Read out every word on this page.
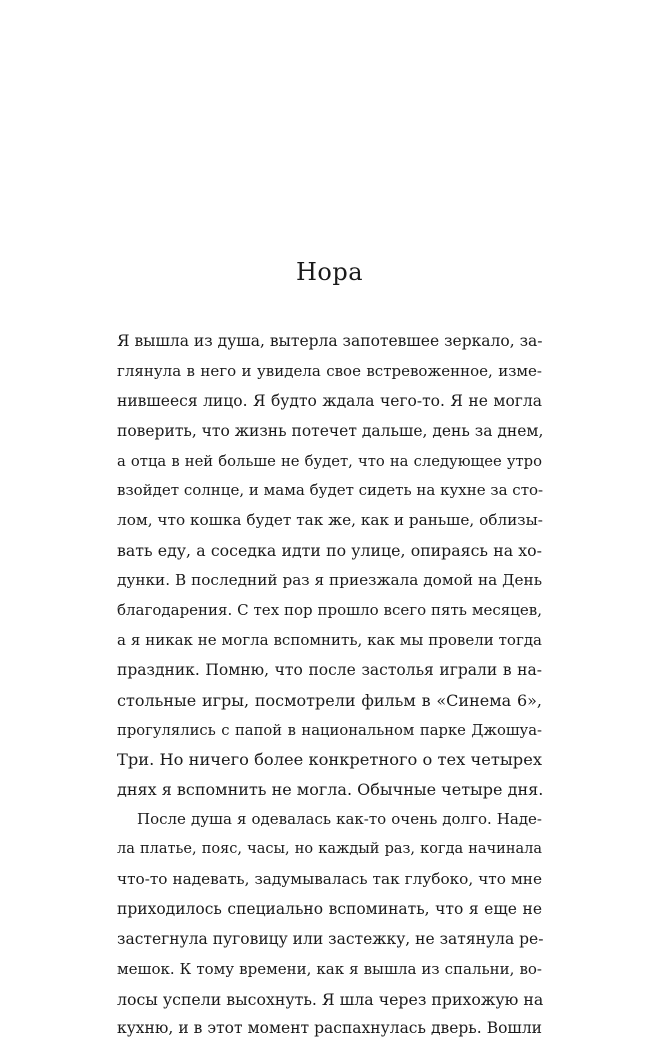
Нора
Я вышла из душа, вытерла запотевшее зеркало, за-
глянула в него и увидела свое встревоженное, изме-
нившееся лицо. Я будто ждала чего-то. Я не могла
поверить, что жизнь потечет дальше, день за днем,
а отца в ней больше не будет, что на следующее утро
взойдет солнце, и мама будет сидеть на кухне за сто-
лом, что кошка будет так же, как и раньше, облизы-
вать еду, а соседка идти по улице, опираясь на хо-
дунки. В последний раз я приезжала домой на День
благодарения. С тех пор прошло всего пять месяцев,
а я никак не могла вспомнить, как мы провели тогда
праздник. Помню, что после застолья играли в на-
стольные игры, посмотрели фильм в «Синема 6»,
прогулялись с папой в национальном парке Джошуа-
Три. Но ничего более конкретного о тех четырех
днях я вспомнить не могла. Обычные четыре дня.
После душа я одевалась как-то очень долго. Наде-
ла платье, пояс, часы, но каждый раз, когда начинала
что-то надевать, задумывалась так глубоко, что мне
приходилось специально вспоминать, что я еще не
застегнула пуговицу или застежку, не затянула ре-
мешок. К тому времени, как я вышла из спальни, во-
лосы успели высохнуть. Я шла через прихожую на
кухню, и в этот момент распахнулась дверь. Вошли
